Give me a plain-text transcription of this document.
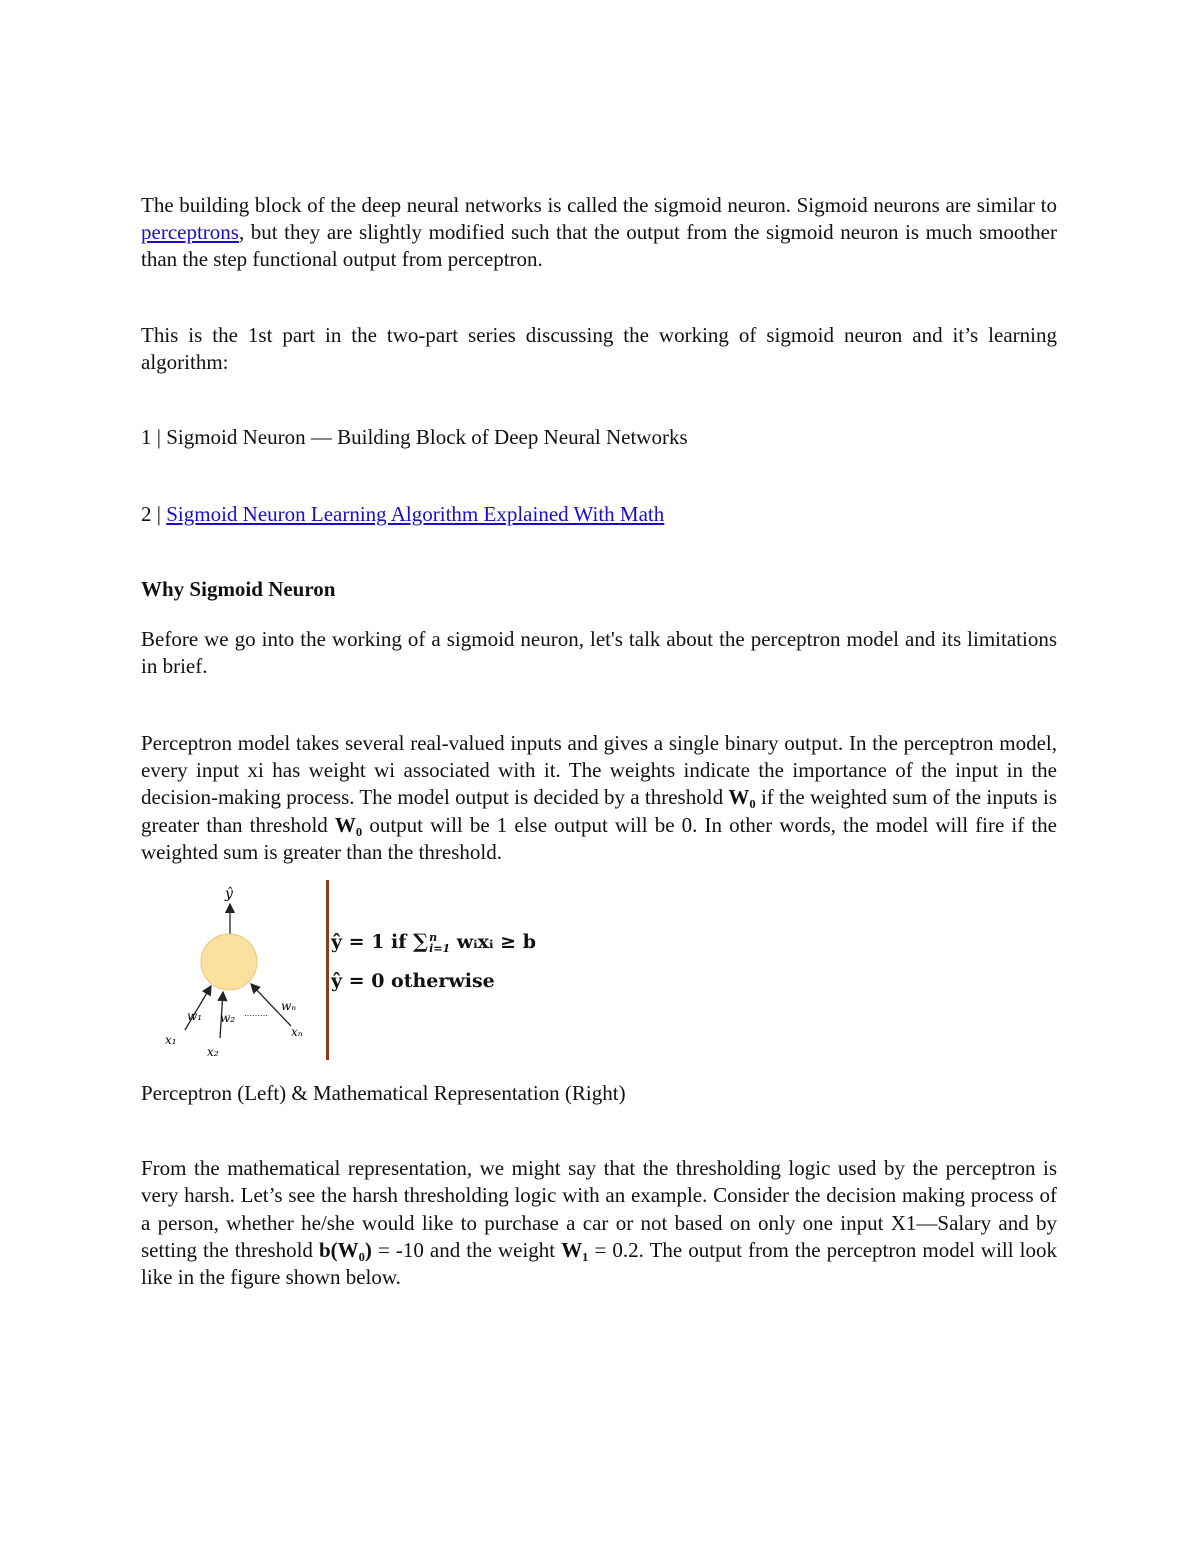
The building block of the deep neural networks is called the sigmoid neuron. Sigmoid neurons are similar to perceptrons, but they are slightly modified such that the output from the sigmoid neuron is much smoother than the step functional output from perceptron.

This is the 1st part in the two-part series discussing the working of sigmoid neuron and it’s learning algorithm:

1 | Sigmoid Neuron — Building Block of Deep Neural Networks

2 | Sigmoid Neuron Learning Algorithm Explained With Math

Why Sigmoid Neuron

Before we go into the working of a sigmoid neuron, let's talk about the perceptron model and its limitations in brief.

Perceptron model takes several real-valued inputs and gives a single binary output. In the perceptron model, every input xi has weight wi associated with it. The weights indicate the importance of the input in the decision-making process. The model output is decided by a threshold W₀ if the weighted sum of the inputs is greater than threshold W₀ output will be 1 else output will be 0. In other words, the model will fire if the weighted sum is greater than the threshold.

ŷ
w₁ w₂ ………
wₙ
x₁
x₂
xₙ
ŷ = 1 if ∑ n
i=1 wᵢxᵢ ≥ b
ŷ = 0 otherwise

Perceptron (Left) & Mathematical Representation (Right)

From the mathematical representation, we might say that the thresholding logic used by the perceptron is very harsh. Let’s see the harsh thresholding logic with an example. Consider the decision making process of a person, whether he/she would like to purchase a car or not based on only one input X1—Salary and by setting the threshold b(W₀) = -10 and the weight W₁ = 0.2. The output from the perceptron model will look like in the figure shown below.
